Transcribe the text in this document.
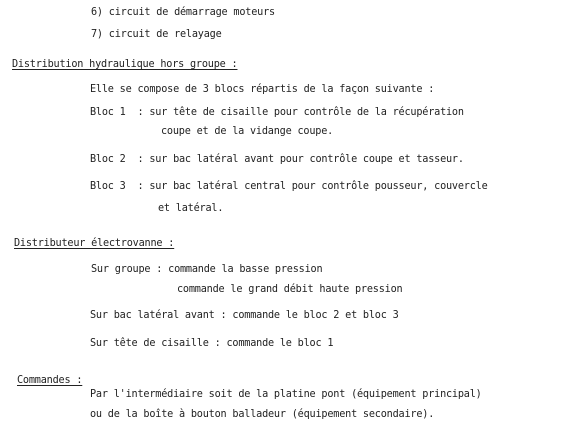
6) circuit de démarrage moteurs
7) circuit de relayage
Distribution hydraulique hors groupe :
Elle se compose de 3 blocs répartis de la façon suivante :
Bloc 1  : sur tête de cisaille pour contrôle de la récupération
coupe et de la vidange coupe.
Bloc 2  : sur bac latéral avant pour contrôle coupe et tasseur.
Bloc 3  : sur bac latéral central pour contrôle pousseur, couvercle
et latéral.
Distributeur électrovanne :
Sur groupe : commande la basse pression
commande le grand débit haute pression
Sur bac latéral avant : commande le bloc 2 et bloc 3
Sur tête de cisaille : commande le bloc 1
Commandes :
Par l'intermédiaire soit de la platine pont (équipement principal)
ou de la boîte à bouton balladeur (équipement secondaire).
